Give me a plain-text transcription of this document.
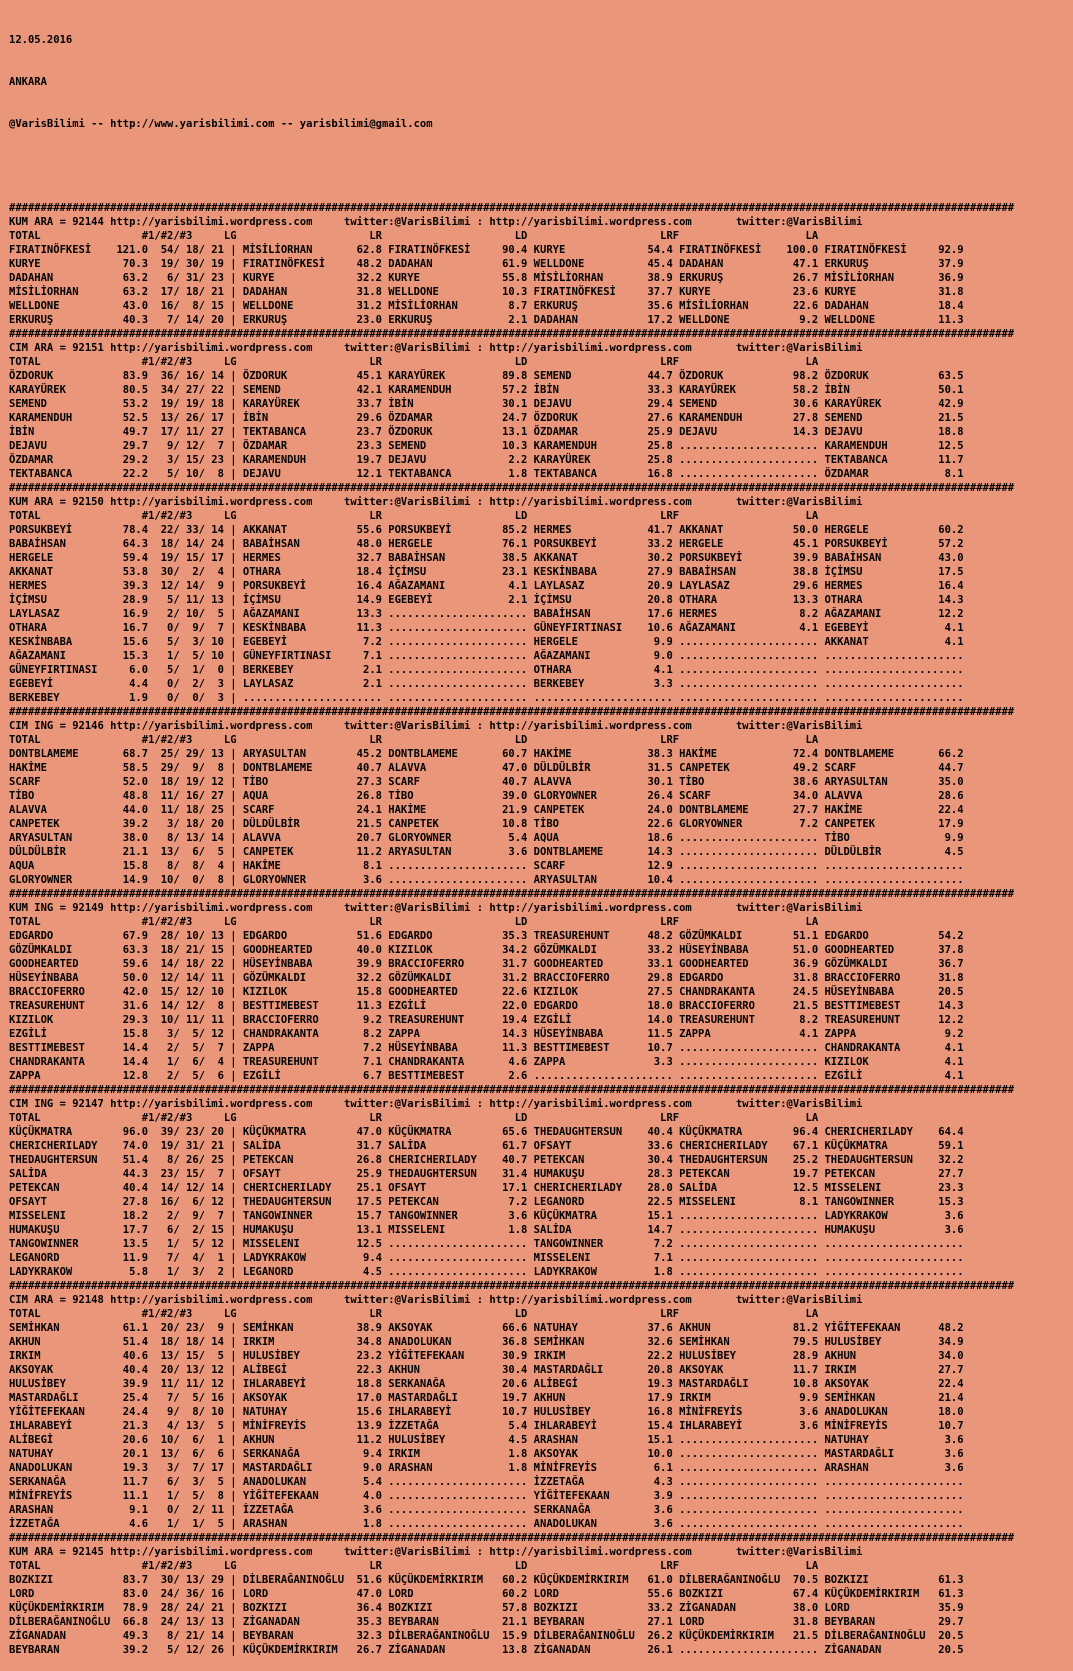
12.05.2016

ANKARA

@VarisBilimi -- http://www.yarisbilimi.com -- yarisbilimi@gmail.com

###############################################################################################################################################################
KUM ARA = 92144 http://yarisbilimi.wordpress.com     twitter:@VarisBilimi : http://yarisbilimi.wordpress.com       twitter:@VarisBilimi
TOTAL                #1/#2/#3     LG                     LR                     LD                     LRF                    LA
FIRATINÖFKESİ    121.0  54/ 18/ 21 | MİSİLİORHAN       62.8 FIRATINÖFKESİ     90.4 KURYE             54.4 FIRATINÖFKESİ    100.0 FIRATINÖFKESİ     92.9
KURYE             70.3  19/ 30/ 19 | FIRATINÖFKESİ     48.2 DADAHAN           61.9 WELLDONE          45.4 DADAHAN           47.1 ERKURUŞ           37.9
DADAHAN           63.2   6/ 31/ 23 | KURYE             32.2 KURYE             55.8 MİSİLİORHAN       38.9 ERKURUŞ           26.7 MİSİLİORHAN       36.9
MİSİLİORHAN       63.2  17/ 18/ 21 | DADAHAN           31.8 WELLDONE          10.3 FIRATINÖFKESİ     37.7 KURYE             23.6 KURYE             31.8
WELLDONE          43.0  16/  8/ 15 | WELLDONE          31.2 MİSİLİORHAN        8.7 ERKURUŞ           35.6 MİSİLİORHAN       22.6 DADAHAN           18.4
ERKURUŞ           40.3   7/ 14/ 20 | ERKURUŞ           23.0 ERKURUŞ            2.1 DADAHAN           17.2 WELLDONE           9.2 WELLDONE          11.3
###############################################################################################################################################################
CIM ARA = 92151 http://yarisbilimi.wordpress.com     twitter:@VarisBilimi : http://yarisbilimi.wordpress.com       twitter:@VarisBilimi
TOTAL                #1/#2/#3     LG                     LR                     LD                     LRF                    LA
ÖZDORUK           83.9  36/ 16/ 14 | ÖZDORUK           45.1 KARAYÜREK         89.8 SEMEND            44.7 ÖZDORUK           98.2 ÖZDORUK           63.5
KARAYÜREK         80.5  34/ 27/ 22 | SEMEND            42.1 KARAMENDUH        57.2 İBİN              33.3 KARAYÜREK         58.2 İBİN              50.1
SEMEND            53.2  19/ 19/ 18 | KARAYÜREK         33.7 İBİN              30.1 DEJAVU            29.4 SEMEND            30.6 KARAYÜREK         42.9
KARAMENDUH        52.5  13/ 26/ 17 | İBİN              29.6 ÖZDAMAR           24.7 ÖZDORUK           27.6 KARAMENDUH        27.8 SEMEND            21.5
İBİN              49.7  17/ 11/ 27 | TEKTABANCA        23.7 ÖZDORUK           13.1 ÖZDAMAR           25.9 DEJAVU            14.3 DEJAVU            18.8
DEJAVU            29.7   9/ 12/  7 | ÖZDAMAR           23.3 SEMEND            10.3 KARAMENDUH        25.8 ...................... KARAMENDUH        12.5
ÖZDAMAR           29.2   3/ 15/ 23 | KARAMENDUH        19.7 DEJAVU             2.2 KARAYÜREK         25.8 ...................... TEKTABANCA        11.7
TEKTABANCA        22.2   5/ 10/  8 | DEJAVU            12.1 TEKTABANCA         1.8 TEKTABANCA        16.8 ...................... ÖZDAMAR            8.1
###############################################################################################################################################################
KUM ARA = 92150 http://yarisbilimi.wordpress.com     twitter:@VarisBilimi : http://yarisbilimi.wordpress.com       twitter:@VarisBilimi
TOTAL                #1/#2/#3     LG                     LR                     LD                     LRF                    LA
PORSUKBEYİ        78.4  22/ 33/ 14 | AKKANAT           55.6 PORSUKBEYİ        85.2 HERMES            41.7 AKKANAT           50.0 HERGELE           60.2
BABAİHSAN         64.3  18/ 14/ 24 | BABAİHSAN         48.0 HERGELE           76.1 PORSUKBEYİ        33.2 HERGELE           45.1 PORSUKBEYİ        57.2
HERGELE           59.4  19/ 15/ 17 | HERMES            32.7 BABAİHSAN         38.5 AKKANAT           30.2 PORSUKBEYİ        39.9 BABAİHSAN         43.0
AKKANAT           53.8  30/  2/  4 | OTHARA            18.4 İÇİMSU            23.1 KESKİNBABA        27.9 BABAİHSAN         38.8 İÇİMSU            17.5
HERMES            39.3  12/ 14/  9 | PORSUKBEYİ        16.4 AĞAZAMANI          4.1 LAYLASAZ          20.9 LAYLASAZ          29.6 HERMES            16.4
İÇİMSU            28.9   5/ 11/ 13 | İÇİMSU            14.9 EGEBEYİ            2.1 İÇİMSU            20.8 OTHARA            13.3 OTHARA            14.3
LAYLASAZ          16.9   2/ 10/  5 | AĞAZAMANI         13.3 ...................... BABAİHSAN         17.6 HERMES             8.2 AĞAZAMANI         12.2
OTHARA            16.7   0/  9/  7 | KESKİNBABA        11.3 ...................... GÜNEYFIRTINASI    10.6 AĞAZAMANI          4.1 EGEBEYİ            4.1
KESKİNBABA        15.6   5/  3/ 10 | EGEBEYİ            7.2 ...................... HERGELE            9.9 ...................... AKKANAT            4.1
AĞAZAMANI         15.3   1/  5/ 10 | GÜNEYFIRTINASI     7.1 ...................... AĞAZAMANI          9.0 ...................... ......................
GÜNEYFIRTINASI     6.0   5/  1/  0 | BERKEBEY           2.1 ...................... OTHARA             4.1 ...................... ......................
EGEBEYİ            4.4   0/  2/  3 | LAYLASAZ           2.1 ...................... BERKEBEY           3.3 ...................... ......................
BERKEBEY           1.9   0/  0/  3 | ...................... ...................... ...................... ...................... ......................
###############################################################################################################################################################
CIM ING = 92146 http://yarisbilimi.wordpress.com     twitter:@VarisBilimi : http://yarisbilimi.wordpress.com       twitter:@VarisBilimi
TOTAL                #1/#2/#3     LG                     LR                     LD                     LRF                    LA
DONTBLAMEME       68.7  25/ 29/ 13 | ARYASULTAN        45.2 DONTBLAMEME       60.7 HAKİME            38.3 HAKİME            72.4 DONTBLAMEME       66.2
HAKİME            58.5  29/  9/  8 | DONTBLAMEME       40.7 ALAVVA            47.0 DÜLDÜLBİR         31.5 CANPETEK          49.2 SCARF             44.7
SCARF             52.0  18/ 19/ 12 | TİBO              27.3 SCARF             40.7 ALAVVA            30.1 TİBO              38.6 ARYASULTAN        35.0
TİBO              48.8  11/ 16/ 27 | AQUA              26.8 TİBO              39.0 GLORYOWNER        26.4 SCARF             34.0 ALAVVA            28.6
ALAVVA            44.0  11/ 18/ 25 | SCARF             24.1 HAKİME            21.9 CANPETEK          24.0 DONTBLAMEME       27.7 HAKİME            22.4
CANPETEK          39.2   3/ 18/ 20 | DÜLDÜLBİR         21.5 CANPETEK          10.8 TİBO              22.6 GLORYOWNER         7.2 CANPETEK          17.9
ARYASULTAN        38.0   8/ 13/ 14 | ALAVVA            20.7 GLORYOWNER         5.4 AQUA              18.6 ...................... TİBO               9.9
DÜLDÜLBİR         21.1  13/  6/  5 | CANPETEK          11.2 ARYASULTAN         3.6 DONTBLAMEME       14.3 ...................... DÜLDÜLBİR          4.5
AQUA              15.8   8/  8/  4 | HAKİME             8.1 ...................... SCARF             12.9 ...................... ......................
GLORYOWNER        14.9  10/  0/  8 | GLORYOWNER         3.6 ...................... ARYASULTAN        10.4 ...................... ......................
###############################################################################################################################################################
KUM ING = 92149 http://yarisbilimi.wordpress.com     twitter:@VarisBilimi : http://yarisbilimi.wordpress.com       twitter:@VarisBilimi
TOTAL                #1/#2/#3     LG                     LR                     LD                     LRF                    LA
EDGARDO           67.9  28/ 10/ 13 | EDGARDO           51.6 EDGARDO           35.3 TREASUREHUNT      48.2 GÖZÜMKALDI        51.1 EDGARDO           54.2
GÖZÜMKALDI        63.3  18/ 21/ 15 | GOODHEARTED       40.0 KIZILOK           34.2 GÖZÜMKALDI        33.2 HÜSEYİNBABA       51.0 GOODHEARTED       37.8
GOODHEARTED       59.6  14/ 18/ 22 | HÜSEYİNBABA       39.9 BRACCIOFERRO      31.7 GOODHEARTED       33.1 GOODHEARTED       36.9 GÖZÜMKALDI        36.7
HÜSEYİNBABA       50.0  12/ 14/ 11 | GÖZÜMKALDI        32.2 GÖZÜMKALDI        31.2 BRACCIOFERRO      29.8 EDGARDO           31.8 BRACCIOFERRO      31.8
BRACCIOFERRO      42.0  15/ 12/ 10 | KIZILOK           15.8 GOODHEARTED       22.6 KIZILOK           27.5 CHANDRAKANTA      24.5 HÜSEYİNBABA       20.5
TREASUREHUNT      31.6  14/ 12/  8 | BESTTIMEBEST      11.3 EZGİLİ            22.0 EDGARDO           18.0 BRACCIOFERRO      21.5 BESTTIMEBEST      14.3
KIZILOK           29.3  10/ 11/ 11 | BRACCIOFERRO       9.2 TREASUREHUNT      19.4 EZGİLİ            14.0 TREASUREHUNT       8.2 TREASUREHUNT      12.2
EZGİLİ            15.8   3/  5/ 12 | CHANDRAKANTA       8.2 ZAPPA             14.3 HÜSEYİNBABA       11.5 ZAPPA              4.1 ZAPPA              9.2
BESTTIMEBEST      14.4   2/  5/  7 | ZAPPA              7.2 HÜSEYİNBABA       11.3 BESTTIMEBEST      10.7 ...................... CHANDRAKANTA       4.1
CHANDRAKANTA      14.4   1/  6/  4 | TREASUREHUNT       7.1 CHANDRAKANTA       4.6 ZAPPA              3.3 ...................... KIZILOK            4.1
ZAPPA             12.8   2/  5/  6 | EZGİLİ             6.7 BESTTIMEBEST       2.6 ...................... ...................... EZGİLİ             4.1
###############################################################################################################################################################
CIM ING = 92147 http://yarisbilimi.wordpress.com     twitter:@VarisBilimi : http://yarisbilimi.wordpress.com       twitter:@VarisBilimi
TOTAL                #1/#2/#3     LG                     LR                     LD                     LRF                    LA
KÜÇÜKMATRA        96.0  39/ 23/ 20 | KÜÇÜKMATRA        47.0 KÜÇÜKMATRA        65.6 THEDAUGHTERSUN    40.4 KÜÇÜKMATRA        96.4 CHERICHERILADY    64.4
CHERICHERILADY    74.0  19/ 31/ 21 | SALİDA            31.7 SALİDA            61.7 OFSAYT            33.6 CHERICHERILADY    67.1 KÜÇÜKMATRA        59.1
THEDAUGHTERSUN    51.4   8/ 26/ 25 | PETEKCAN          26.8 CHERICHERILADY    40.7 PETEKCAN          30.4 THEDAUGHTERSUN    25.2 THEDAUGHTERSUN    32.2
SALİDA            44.3  23/ 15/  7 | OFSAYT            25.9 THEDAUGHTERSUN    31.4 HUMAKUŞU          28.3 PETEKCAN          19.7 PETEKCAN          27.7
PETEKCAN          40.4  14/ 12/ 14 | CHERICHERILADY    25.1 OFSAYT            17.1 CHERICHERILADY    28.0 SALİDA            12.5 MISSELENI         23.3
OFSAYT            27.8  16/  6/ 12 | THEDAUGHTERSUN    17.5 PETEKCAN           7.2 LEGANORD          22.5 MISSELENI          8.1 TANGOWINNER       15.3
MISSELENI         18.2   2/  9/  7 | TANGOWINNER       15.7 TANGOWINNER        3.6 KÜÇÜKMATRA        15.1 ...................... LADYKRAKOW         3.6
HUMAKUŞU          17.7   6/  2/ 15 | HUMAKUŞU          13.1 MISSELENI          1.8 SALİDA            14.7 ...................... HUMAKUŞU           3.6
TANGOWINNER       13.5   1/  5/ 12 | MISSELENI         12.5 ...................... TANGOWINNER        7.2 ...................... ......................
LEGANORD          11.9   7/  4/  1 | LADYKRAKOW         9.4 ...................... MISSELENI          7.1 ...................... ......................
LADYKRAKOW         5.8   1/  3/  2 | LEGANORD           4.5 ...................... LADYKRAKOW         1.8 ...................... ......................
###############################################################################################################################################################
CIM ARA = 92148 http://yarisbilimi.wordpress.com     twitter:@VarisBilimi : http://yarisbilimi.wordpress.com       twitter:@VarisBilimi
TOTAL                #1/#2/#3     LG                     LR                     LD                     LRF                    LA
SEMİHKAN          61.1  20/ 23/  9 | SEMİHKAN          38.9 AKSOYAK           66.6 NATUHAY           37.6 AKHUN             81.2 YİĞİTEFEKAAN      48.2
AKHUN             51.4  18/ 18/ 14 | IRKIM             34.8 ANADOLUKAN        36.8 SEMİHKAN          32.6 SEMİHKAN          79.5 HULUSİBEY         34.9
IRKIM             40.6  13/ 15/  5 | HULUSİBEY         23.2 YİĞİTEFEKAAN      30.9 IRKIM             22.2 HULUSİBEY         28.9 AKHUN             34.0
AKSOYAK           40.4  20/ 13/ 12 | ALİBEGİ           22.3 AKHUN             30.4 MASTARDAĞLI       20.8 AKSOYAK           11.7 IRKIM             27.7
HULUSİBEY         39.9  11/ 11/ 12 | IHLARABEYİ        18.8 SERKANAĞA         20.6 ALİBEGİ           19.3 MASTARDAĞLI       10.8 AKSOYAK           22.4
MASTARDAĞLI       25.4   7/  5/ 16 | AKSOYAK           17.0 MASTARDAĞLI       19.7 AKHUN             17.9 IRKIM              9.9 SEMİHKAN          21.4
YİĞİTEFEKAAN      24.4   9/  8/ 10 | NATUHAY           15.6 IHLARABEYİ        10.7 HULUSİBEY         16.8 MİNİFREYİS         3.6 ANADOLUKAN        18.0
IHLARABEYİ        21.3   4/ 13/  5 | MİNİFREYİS        13.9 İZZETAĞA           5.4 IHLARABEYİ        15.4 IHLARABEYİ         3.6 MİNİFREYİS        10.7
ALİBEGİ           20.6  10/  6/  1 | AKHUN             11.2 HULUSİBEY          4.5 ARASHAN           15.1 ...................... NATUHAY            3.6
NATUHAY           20.1  13/  6/  6 | SERKANAĞA          9.4 IRKIM              1.8 AKSOYAK           10.0 ...................... MASTARDAĞLI        3.6
ANADOLUKAN        19.3   3/  7/ 17 | MASTARDAĞLI        9.0 ARASHAN            1.8 MİNİFREYİS         6.1 ...................... ARASHAN            3.6
SERKANAĞA         11.7   6/  3/  5 | ANADOLUKAN         5.4 ...................... İZZETAĞA           4.3 ...................... ......................
MİNİFREYİS        11.1   1/  5/  8 | YİĞİTEFEKAAN       4.0 ...................... YİĞİTEFEKAAN       3.9 ...................... ......................
ARASHAN            9.1   0/  2/ 11 | İZZETAĞA           3.6 ...................... SERKANAĞA          3.6 ...................... ......................
İZZETAĞA           4.6   1/  1/  5 | ARASHAN            1.8 ...................... ANADOLUKAN         3.6 ...................... ......................
###############################################################################################################################################################
KUM ARA = 92145 http://yarisbilimi.wordpress.com     twitter:@VarisBilimi : http://yarisbilimi.wordpress.com       twitter:@VarisBilimi
TOTAL                #1/#2/#3     LG                     LR                     LD                     LRF                    LA
BOZKIZI           83.7  30/ 13/ 29 | DİLBERAĞANINOĞLU  51.6 KÜÇÜKDEMİRKIRIM   60.2 KÜÇÜKDEMİRKIRIM   61.0 DİLBERAĞANINOĞLU  70.5 BOZKIZI           61.3
LORD              83.0  24/ 36/ 16 | LORD              47.0 LORD              60.2 LORD              55.6 BOZKIZI           67.4 KÜÇÜKDEMİRKIRIM   61.3
KÜÇÜKDEMİRKIRIM   78.9  28/ 24/ 21 | BOZKIZI           36.4 BOZKIZI           57.8 BOZKIZI           33.2 ZİGANADAN         38.0 LORD              35.9
DİLBERAĞANINOĞLU  66.8  24/ 13/ 13 | ZİGANADAN         35.3 BEYBARAN          21.1 BEYBARAN          27.1 LORD              31.8 BEYBARAN          29.7
ZİGANADAN         49.3   8/ 21/ 14 | BEYBARAN          32.3 DİLBERAĞANINOĞLU  15.9 DİLBERAĞANINOĞLU  26.2 KÜÇÜKDEMİRKIRIM   21.5 DİLBERAĞANINOĞLU  20.5
BEYBARAN          39.2   5/ 12/ 26 | KÜÇÜKDEMİRKIRIM   26.7 ZİGANADAN         13.8 ZİGANADAN         26.1 ...................... ZİGANADAN         20.5
